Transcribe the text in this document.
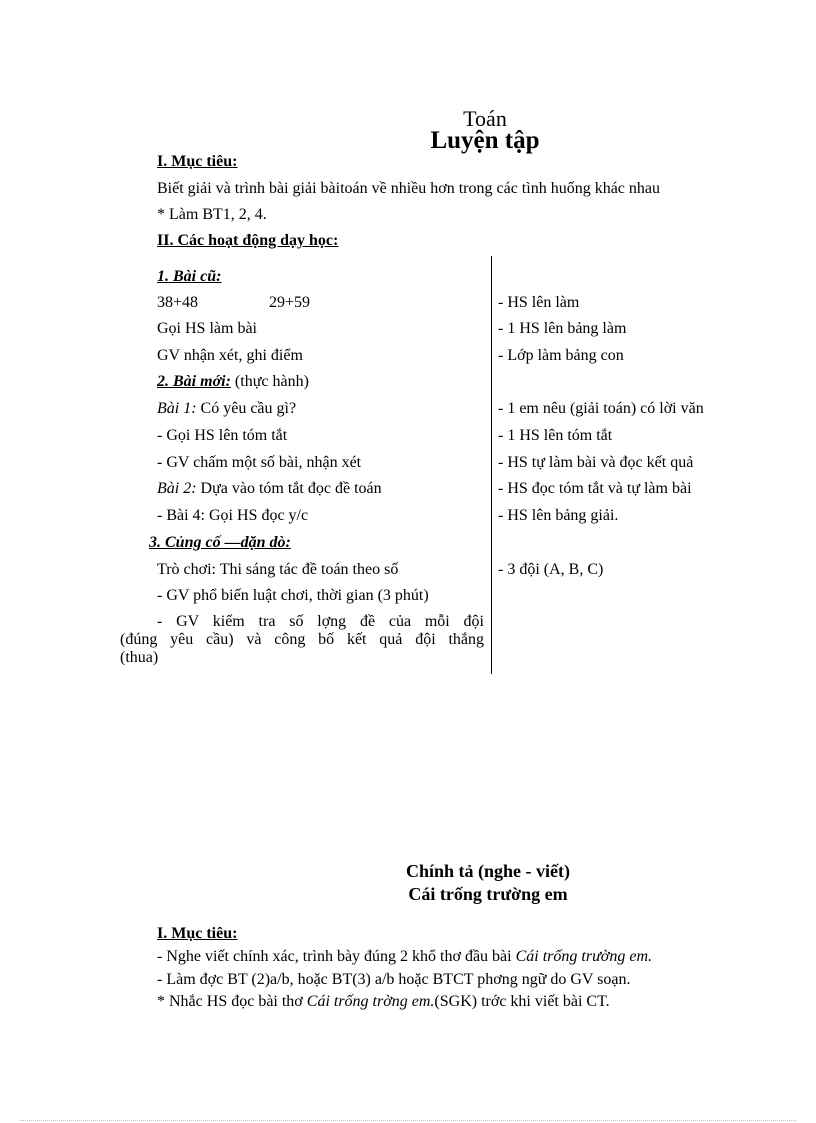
Toán
Luyện tập
I. Mục tiêu:
Biết giải và trình bài giải bàitoán về nhiều hơn trong các tình huống khác nhau
* Làm BT1, 2, 4.
II. Các hoạt động dạy học:
1. Bài cũ:
38+48	29+59
Gọi HS làm bài
GV nhận xét, ghi điểm
2. Bài mới: (thực hành)
Bài 1: Có yêu cầu gì?
- Gọi HS lên tóm tắt
- GV chấm một số bài, nhận xét
Bài 2: Dựa vào tóm tắt đọc đề toán
- Bài 4: Gọi HS đọc y/c
3. Củng cố —dặn dò:
Trò chơi: Thi sáng tác đề toán theo số
- GV phổ biến luật chơi, thời gian (3 phút)
- GV kiểm tra số lợng đề của mỗi đội
(đúng yêu cầu) và công bố kết quả đội thắng
(thua)
- HS lên làm
- 1 HS lên bảng làm
- Lớp làm bảng con
- 1 em nêu (giải toán) có lời văn
- 1 HS lên tóm tắt
- HS tự làm bài và đọc kết quả
- HS đọc tóm tắt và tự làm bài
- HS lên bảng giải.
- 3 đội (A, B, C)
Chính tả (nghe - viết)
Cái trống trường em
I. Mục tiêu:
- Nghe viết chính xác, trình bày đúng 2 khổ thơ đầu bài Cái trống trường em.
- Làm đợc BT (2)a/b, hoặc BT(3) a/b hoặc BTCT phơng ngữ do GV soạn.
* Nhắc HS đọc bài thơ Cái trống trờng em.(SGK) trớc khi viết bài CT.
